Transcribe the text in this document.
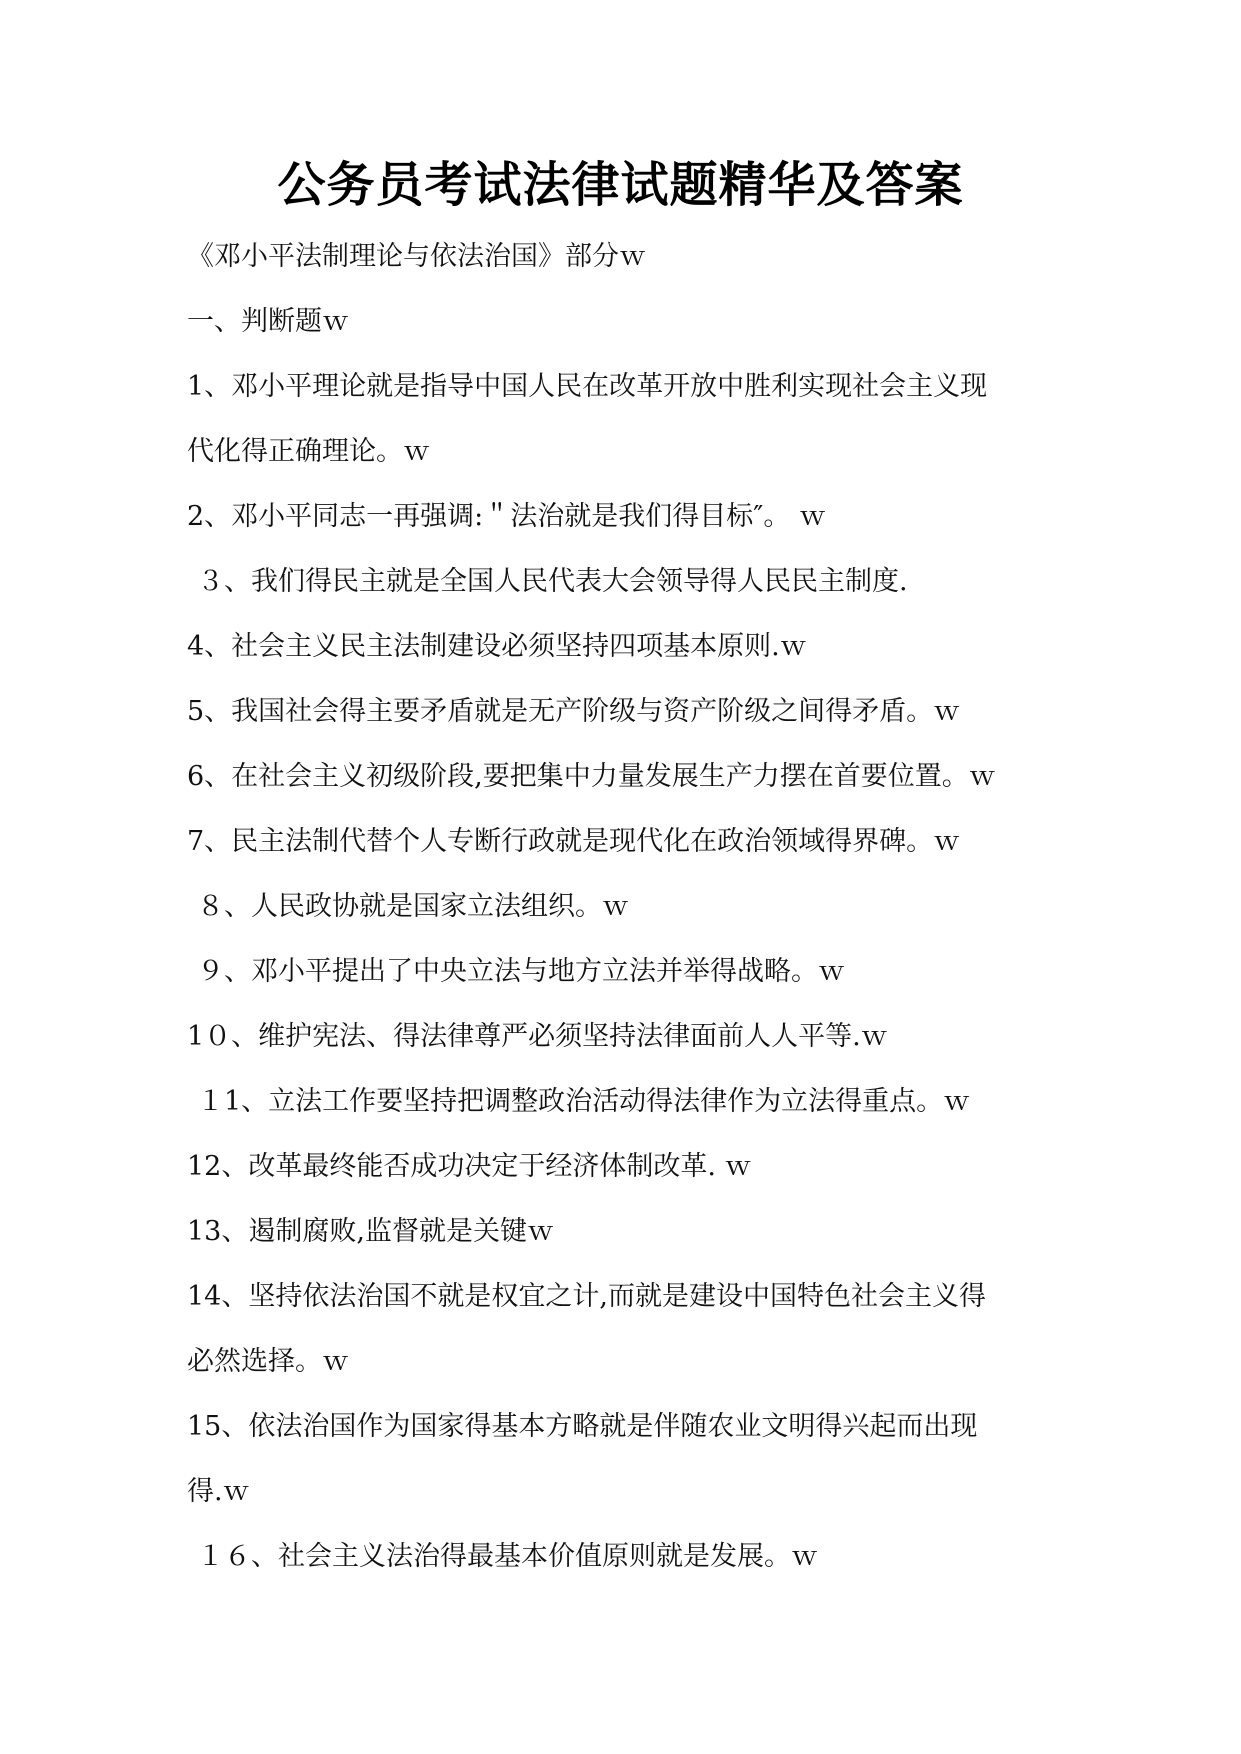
公务员考试法律试题精华及答案
《邓小平法制理论与依法治国》部分ｗ
一、判断题ｗ
1、邓小平理论就是指导中国人民在改革开放中胜利实现社会主义现
代化得正确理论。ｗ
2、邓小平同志一再强调:＂法治就是我们得目标″。 ｗ
３、我们得民主就是全国人民代表大会领导得人民民主制度.
4、社会主义民主法制建设必须坚持四项基本原则.ｗ
5、我国社会得主要矛盾就是无产阶级与资产阶级之间得矛盾。ｗ
6、在社会主义初级阶段,要把集中力量发展生产力摆在首要位置。ｗ
7、民主法制代替个人专断行政就是现代化在政治领域得界碑。ｗ
８、人民政协就是国家立法组织。ｗ
９、邓小平提出了中央立法与地方立法并举得战略。ｗ
1０、维护宪法、得法律尊严必须坚持法律面前人人平等.ｗ
１1、立法工作要坚持把调整政治活动得法律作为立法得重点。ｗ
12、改革最终能否成功决定于经济体制改革. ｗ
13、遏制腐败,监督就是关键ｗ
14、坚持依法治国不就是权宜之计,而就是建设中国特色社会主义得
必然选择。ｗ
15、依法治国作为国家得基本方略就是伴随农业文明得兴起而出现
得.ｗ
１６、社会主义法治得最基本价值原则就是发展。ｗ
